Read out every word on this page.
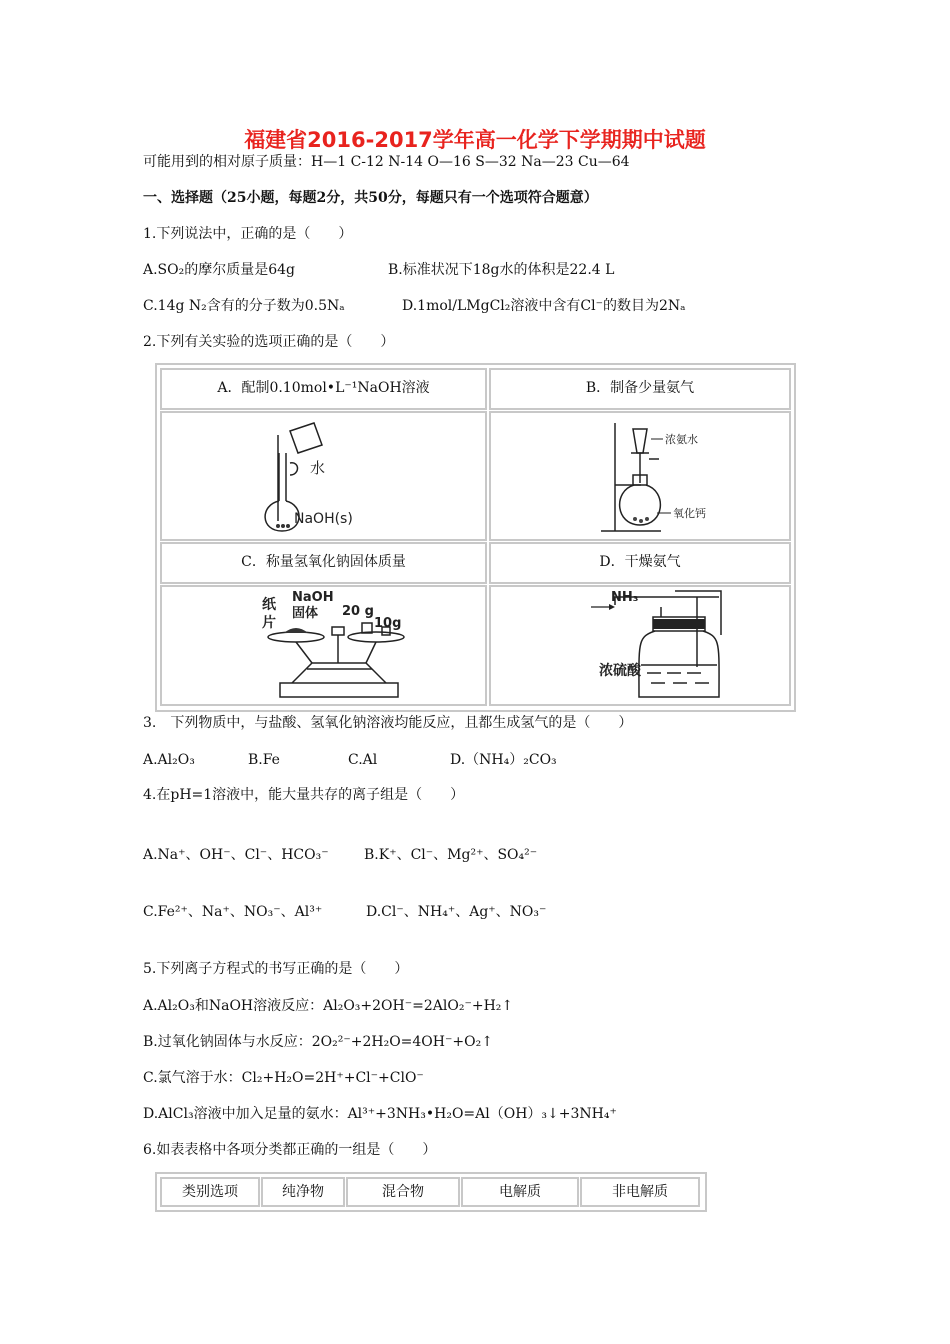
福建省2016-2017学年高一化学下学期期中试题
可能用到的相对原子质量：H—1 C-12 N-14 O—16 S—32 Na—23 Cu—64
一、选择题（25小题，每题2分，共50分，每题只有一个选项符合题意）
1.下列说法中，正确的是（　　）
A.SO₂的摩尔质量是64g	B.标准状况下18g水的体积是22.4 L
C.14g N₂含有的分子数为0.5Nₐ	D.1mol/LMgCl₂溶液中含有Cl⁻的数目为2Nₐ
2.下列有关实验的选项正确的是（　　）
A．配制0.10mol•L⁻¹NaOH溶液	B．制备少量氨气
水
NaOH(s)
浓氨水
氧化钙
C．称量氢氧化钠固体质量	D．干燥氨气
纸
片
NaOH
固体 20 g
10g
NH₃
浓硫酸
3.　下列物质中，与盐酸、氢氧化钠溶液均能反应，且都生成氢气的是（　　）
A.Al₂O₃	B.Fe	C.Al	D.（NH₄）₂CO₃
4.在pH=1溶液中，能大量共存的离子组是（　　）
A.Na⁺、OH⁻、Cl⁻、HCO₃⁻	B.K⁺、Cl⁻、Mg²⁺、SO₄²⁻
C.Fe²⁺、Na⁺、NO₃⁻、Al³⁺	D.Cl⁻、NH₄⁺、Ag⁺、NO₃⁻
5.下列离子方程式的书写正确的是（　　）
A.Al₂O₃和NaOH溶液反应：Al₂O₃+2OH⁻=2AlO₂⁻+H₂↑
B.过氧化钠固体与水反应：2O₂²⁻+2H₂O=4OH⁻+O₂↑
C.氯气溶于水：Cl₂+H₂O=2H⁺+Cl⁻+ClO⁻
D.AlCl₃溶液中加入足量的氨水：Al³⁺+3NH₃•H₂O=Al（OH）₃↓+3NH₄⁺
6.如表表格中各项分类都正确的一组是（　　）
类别选项	纯净物	混合物	电解质	非电解质
